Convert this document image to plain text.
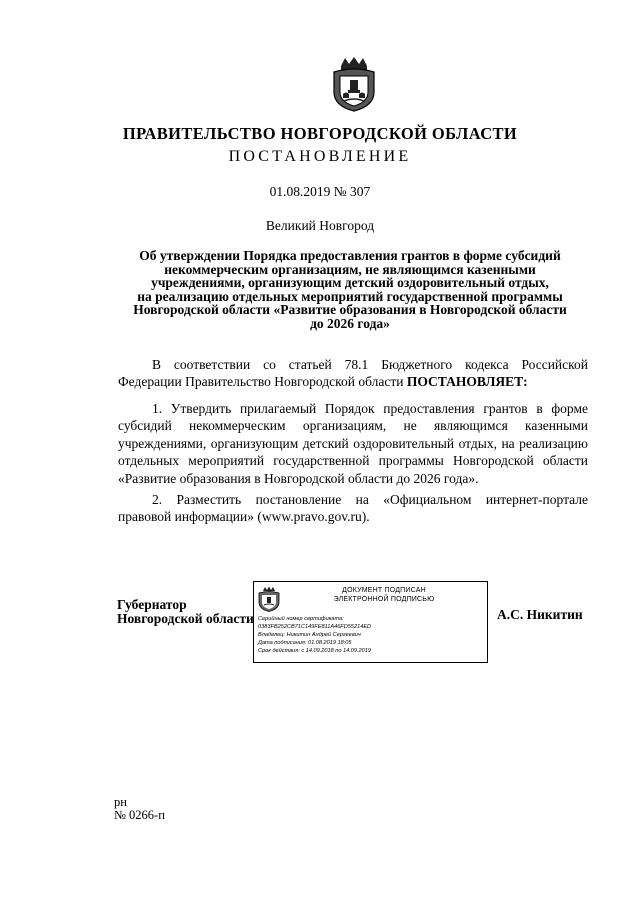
ПРАВИТЕЛЬСТВО НОВГОРОДСКОЙ ОБЛАСТИ
ПОСТАНОВЛЕНИЕ
01.08.2019 № 307
Великий Новгород
Об утверждении Порядка предоставления грантов в форме субсидий
некоммерческим организациям, не являющимся казенными
учреждениями, организующим детский оздоровительный отдых,
на реализацию отдельных мероприятий государственной программы
Новгородской области «Развитие образования в Новгородской области
до 2026 года»
В соответствии со статьей 78.1 Бюджетного кодекса Российской Федерации Правительство Новгородской области ПОСТАНОВЛЯЕТ:
1. Утвердить прилагаемый Порядок предоставления грантов в форме субсидий некоммерческим организациям, не являющимся казенными учреждениями, организующим детский оздоровительный отдых, на реализацию отдельных мероприятий государственной программы Новгородской области «Развитие образования в Новгородской области до 2026 года».
2. Разместить постановление на «Официальном интернет-портале правовой информации» (www.pravo.gov.ru).
Губернатор
Новгородской области
ДОКУМЕНТ ПОДПИСАН
ЭЛЕКТРОННОЙ ПОДПИСЬЮ
Серийный номер сертификата:
0383FB252CB71C149FE811A46FD55214ED
Владелец: Никитин Андрей Сергеевич
Дата подписания: 01.08.2019 18:05
Срок действия: с 14.09.2018 по 14.09.2019
А.С. Никитин
рн
№ 0266-п
